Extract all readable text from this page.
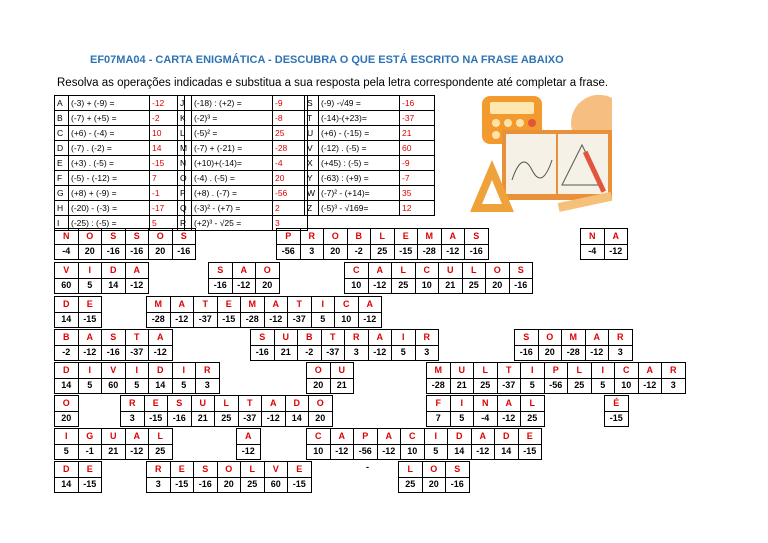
EF07MA04 - CARTA ENIGMÁTICA - DESCUBRA O QUE ESTÁ ESCRITO NA FRASE ABAIXO
Resolva as operações indicadas e substitua a sua resposta pela letra correspondente até completar a frase.
A	(-3) + (-9) =	-12
B	(-7) + (+5) =	-2
C	(+6) - (-4) =	10
D	(-7) . (-2) =	14
E	(+3) . (-5) =	-15
F	(-5) - (-12) =	7
G	(+8) + (-9) =	-1
H	(-20) - (-3) =	-17
I	(-25) : (-5) =	5
J	(-18) : (+2) =	-9
K	(-2)³ =	-8
L	(-5)² =	25
M	(-7) + (-21) =	-28
N	(+10)+(-14)=	-4
O	(-4) . (-5) =	20
P	(+8) . (-7) =	-56
Q	(-3)² - (+7) =	2
R	(+2)³ - √25 =	3
S	(-9) -√49 =	-16
T	(-14)-(+23)=	-37
U	(+6) - (-15) =	21
V	(-12) . (-5) =	60
X	(+45) : (-5) =	-9
Y	(-63) : (+9) =	-7
W	(-7)² - (+14)=	35
Z	(-5)³ - √169=	12
N	O	S	S	O	S
-4	20	-16	-16	20	-16
P	R	O	B	L	E	M	A	S
-56	3	20	-2	25	-15	-28	-12	-16
N	A
-4	-12
V	I	D	A
60	5	14	-12
S	A	O
-16	-12	20
C	A	L	C	U	L	O	S
10	-12	25	10	21	25	20	-16
D	E
14	-15
M	A	T	E	M	A	T	I	C	A
-28	-12	-37	-15	-28	-12	-37	5	10	-12
B	A	S	T	A
-2	-12	-16	-37	-12
S	U	B	T	R	A	I	R
-16	21	-2	-37	3	-12	5	3
S	O	M	A	R
-16	20	-28	-12	3
D	I	V	I	D	I	R
14	5	60	5	14	5	3
O	U
20	21
M	U	L	T	I	P	L	I	C	A	R
-28	21	25	-37	5	-56	25	5	10	-12	3
O
20
R	E	S	U	L	T	A	D	O
3	-15	-16	21	25	-37	-12	14	20
F	I	N	A	L
7	5	-4	-12	25
É
-15
I	G	U	A	L
5	-1	21	-12	25
A
-12
C	A	P	A	C	I	D	A	D	E
10	-12	-56	-12	10	5	14	-12	14	-15
D	E
14	-15
R	E	S	O	L	V	E
3	-15	-16	20	25	60	-15
L	O	S
25	20	-16
-
